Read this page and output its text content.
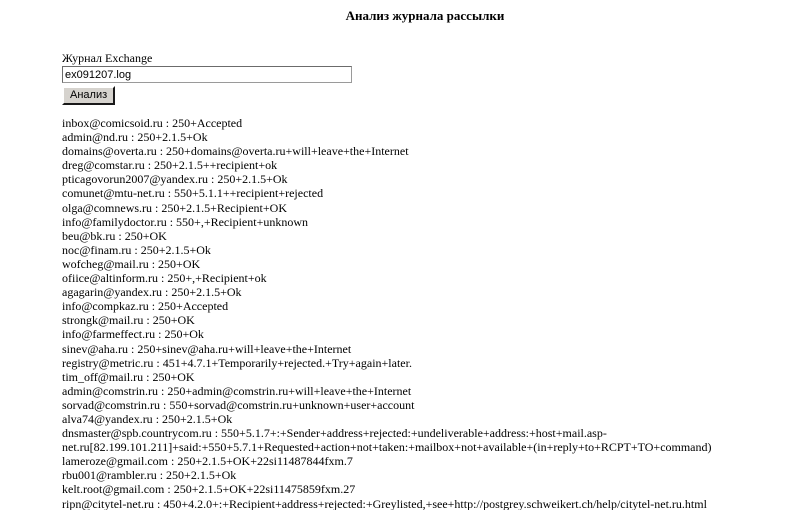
Анализ журнала рассылки
Журнал Exchange
ex091207.log Анализ
inbox@comicsoid.ru : 250+Accepted
admin@nd.ru : 250+2.1.5+Ok
domains@overta.ru : 250+domains@overta.ru+will+leave+the+Internet
dreg@comstar.ru : 250+2.1.5++recipient+ok
pticagovorun2007@yandex.ru : 250+2.1.5+Ok
comunet@mtu-net.ru : 550+5.1.1++recipient+rejected
olga@comnews.ru : 250+2.1.5+Recipient+OK
info@familydoctor.ru : 550+,+Recipient+unknown
beu@bk.ru : 250+OK
noc@finam.ru : 250+2.1.5+Ok
wofcheg@mail.ru : 250+OK
ofiice@altinform.ru : 250+,+Recipient+ok
agagarin@yandex.ru : 250+2.1.5+Ok
info@compkaz.ru : 250+Accepted
strongk@mail.ru : 250+OK
info@farmeffect.ru : 250+Ok
sinev@aha.ru : 250+sinev@aha.ru+will+leave+the+Internet
registry@metric.ru : 451+4.7.1+Temporarily+rejected.+Try+again+later.
tim_off@mail.ru : 250+OK
admin@comstrin.ru : 250+admin@comstrin.ru+will+leave+the+Internet
sorvad@comstrin.ru : 550+sorvad@comstrin.ru+unknown+user+account
alva74@yandex.ru : 250+2.1.5+Ok
dnsmaster@spb.countrycom.ru : 550+5.1.7+:+Sender+address+rejected:+undeliverable+address:+host+mail.asp-net.ru[82.199.101.211]+said:+550+5.7.1+Requested+action+not+taken:+mailbox+not+available+(in+reply+to+RCPT+TO+command)
lameroze@gmail.com : 250+2.1.5+OK+22si11487844fxm.7
rbu001@rambler.ru : 250+2.1.5+Ok
kelt.root@gmail.com : 250+2.1.5+OK+22si11475859fxm.27
ripn@citytel-net.ru : 450+4.2.0+:+Recipient+address+rejected:+Greylisted,+see+http://postgrey.schweikert.ch/help/citytel-net.ru.html
